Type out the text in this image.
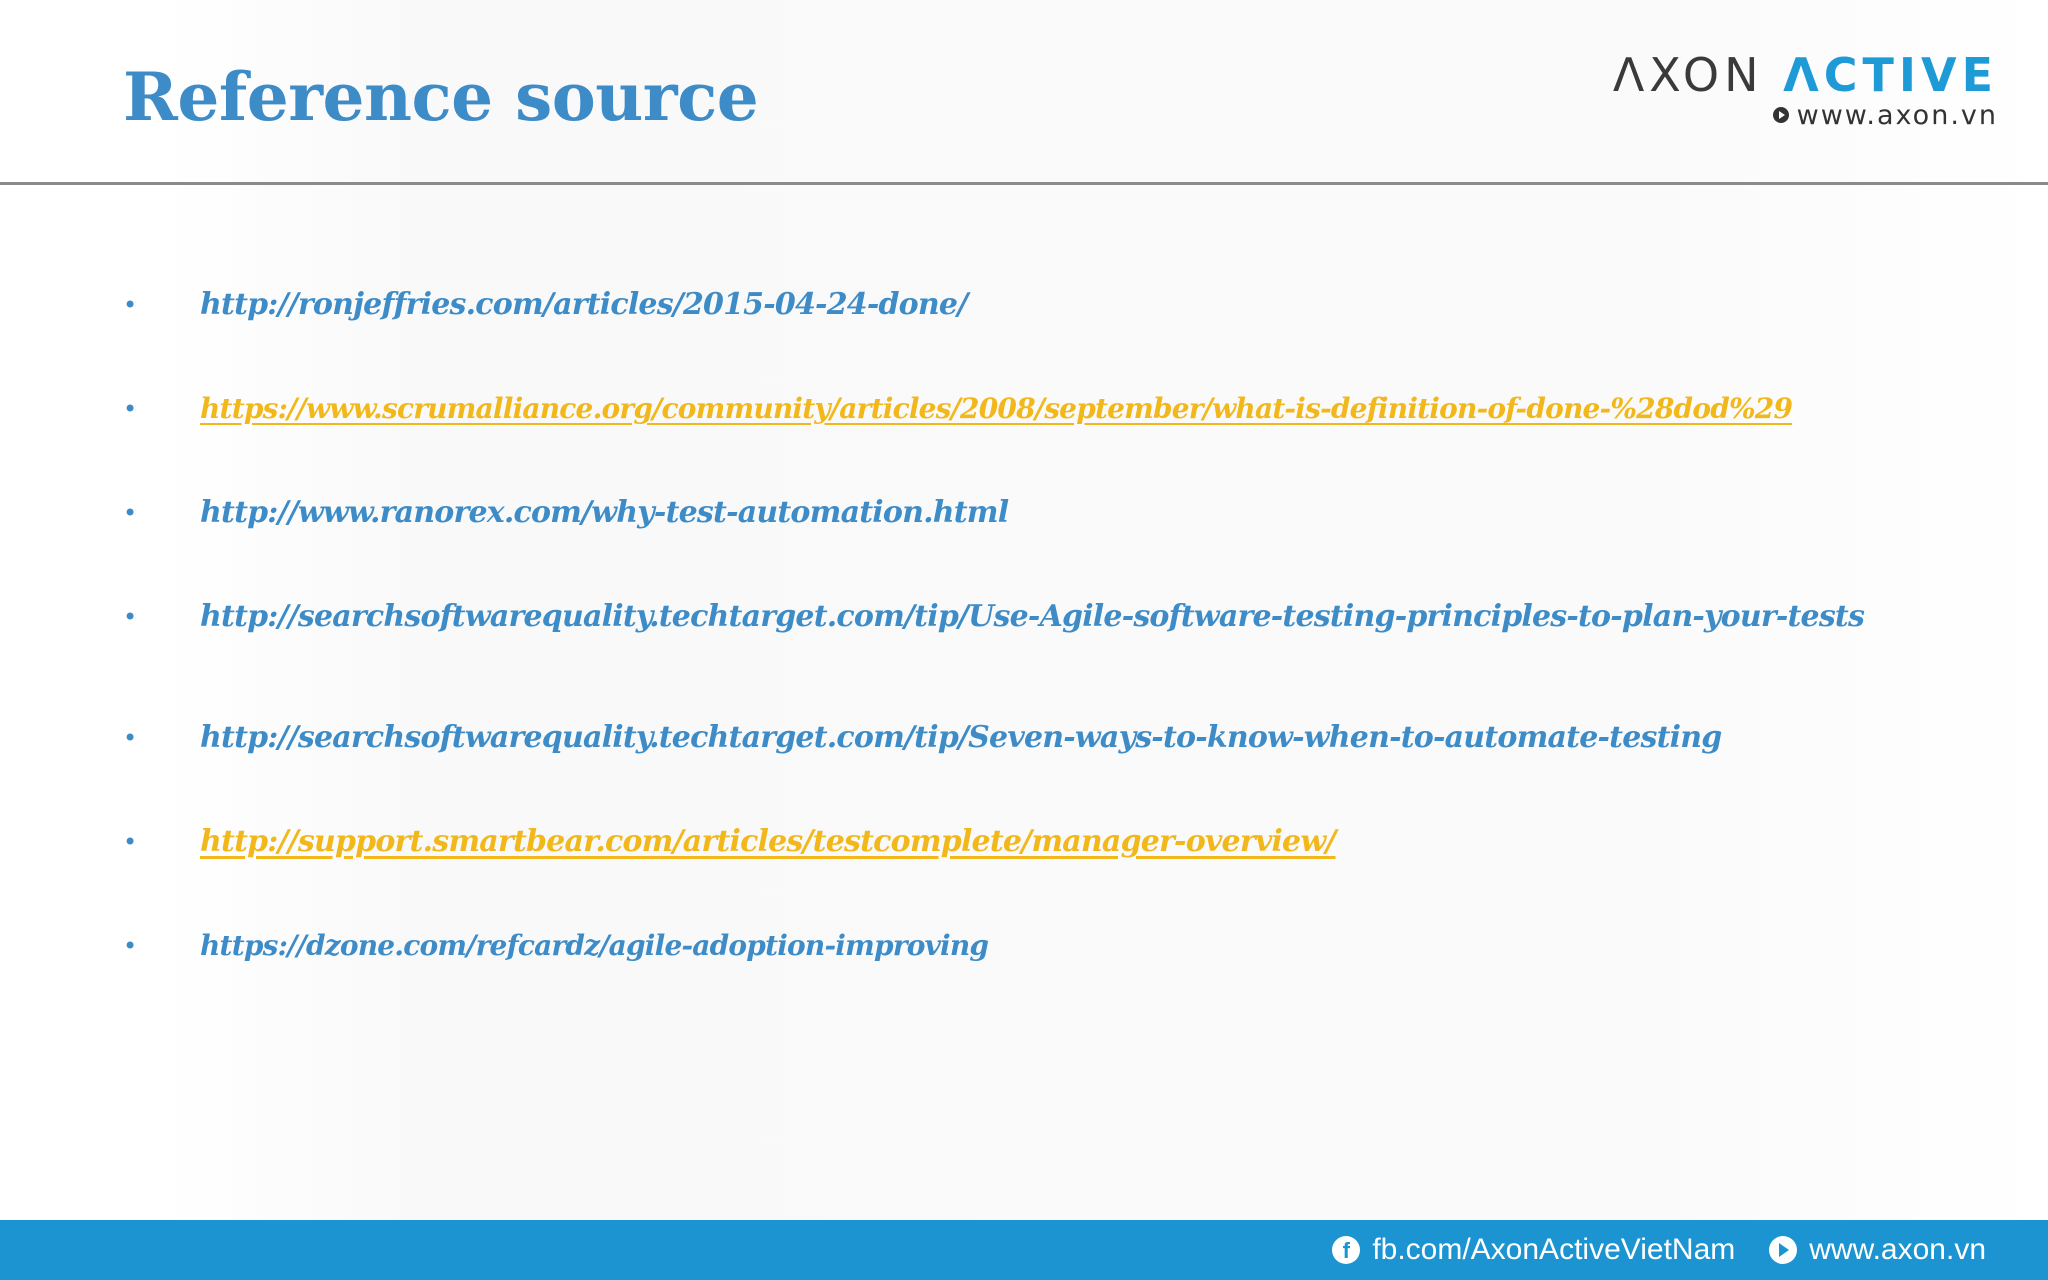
Reference source	ΛXON ΛCTIVE
www.axon.vn
•	http://ronjeffries.com/articles/2015-04-24-done/
•	https://www.scrumalliance.org/community/articles/2008/september/what-is-definition-of-done-%28dod%29
•	http://www.ranorex.com/why-test-automation.html
•	http://searchsoftwarequality.techtarget.com/tip/Use-Agile-software-testing-principles-to-plan-your-tests
•	http://searchsoftwarequality.techtarget.com/tip/Seven-ways-to-know-when-to-automate-testing
•	http://support.smartbear.com/articles/testcomplete/manager-overview/
•	https://dzone.com/refcardz/agile-adoption-improving
f fb.com/AxonActiveVietNam www.axon.vn
